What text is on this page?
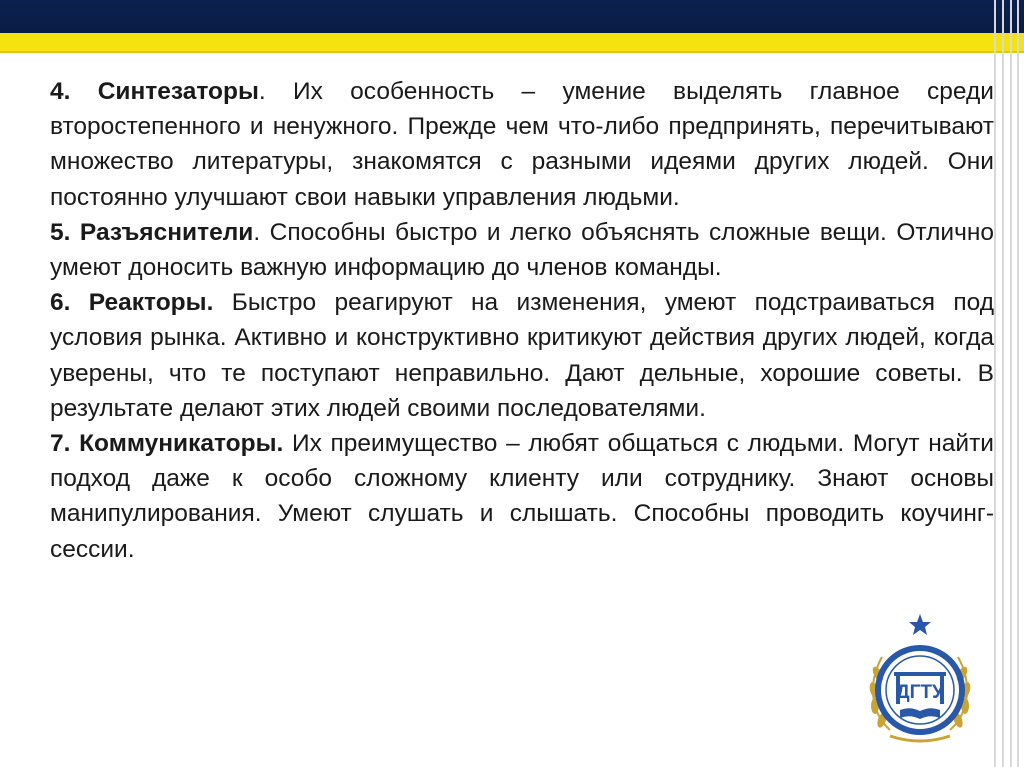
4. Синтезаторы. Их особенность – умение выделять главное среди второстепенного и ненужного. Прежде чем что-либо предпринять, перечитывают множество литературы, знакомятся с разными идеями других людей. Они постоянно улучшают свои навыки управления людьми.

5. Разъяснители. Способны быстро и легко объяснять сложные вещи. Отлично умеют доносить важную информацию до членов команды.

6. Реакторы. Быстро реагируют на изменения, умеют подстраиваться под условия рынка. Активно и конструктивно критикуют действия других людей, когда уверены, что те поступают неправильно. Дают дельные, хорошие советы. В результате делают этих людей своими последователями.

7. Коммуникаторы. Их преимущество – любят общаться с людьми. Могут найти подход даже к особо сложному клиенту или сотруднику. Знают основы манипулирования. Умеют слушать и слышать. Способны проводить коучинг-сессии.

ДГТУ
